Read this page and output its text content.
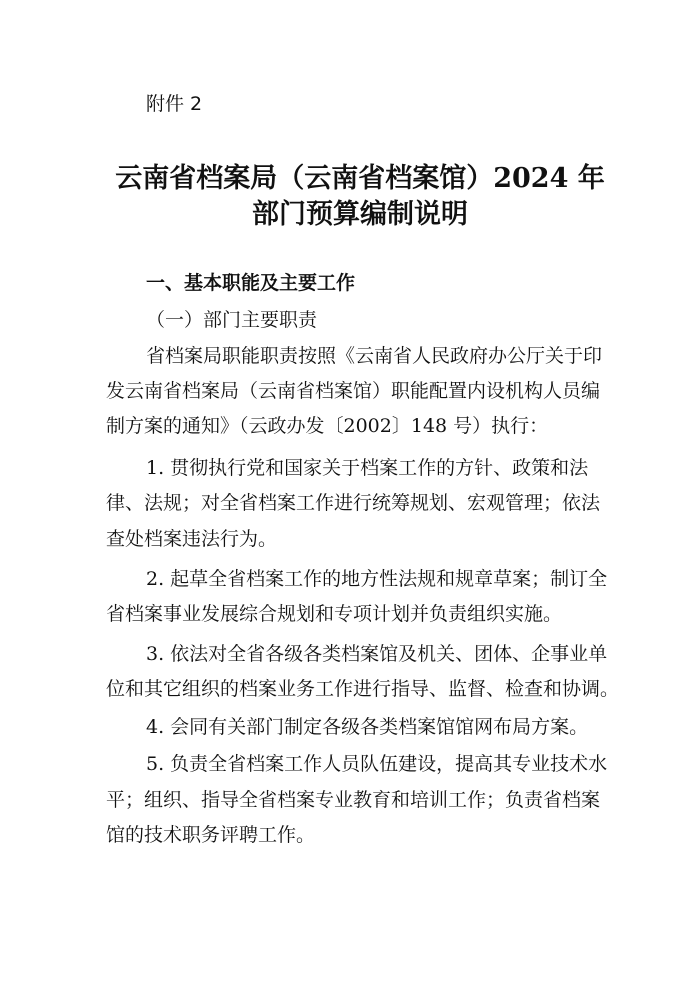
附件 2
云南省档案局（云南省档案馆）2024 年
部门预算编制说明
一、基本职能及主要工作
（一）部门主要职责
省档案局职能职责按照《云南省人民政府办公厅关于印
发云南省档案局（云南省档案馆）职能配置内设机构人员编
制方案的通知》（云政办发〔2002〕148 号）执行：
1. 贯彻执行党和国家关于档案工作的方针、政策和法
律、法规；对全省档案工作进行统筹规划、宏观管理；依法
查处档案违法行为。
2. 起草全省档案工作的地方性法规和规章草案；制订全
省档案事业发展综合规划和专项计划并负责组织实施。
3. 依法对全省各级各类档案馆及机关、团体、企事业单
位和其它组织的档案业务工作进行指导、监督、检查和协调。
4. 会同有关部门制定各级各类档案馆馆网布局方案。
5. 负责全省档案工作人员队伍建设，提高其专业技术水
平；组织、指导全省档案专业教育和培训工作；负责省档案
馆的技术职务评聘工作。
